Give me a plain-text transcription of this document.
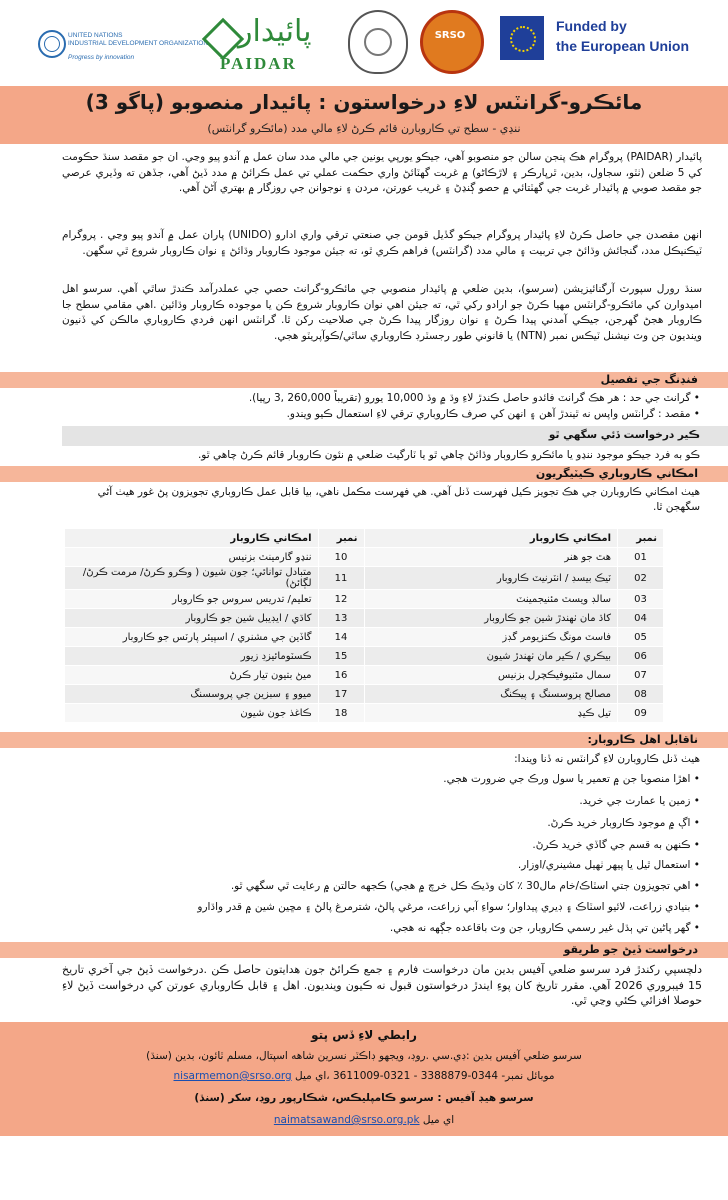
UNITED NATIONS
INDUSTRIAL DEVELOPMENT ORGANIZATION
Progress by innovation
پائیدار
PAIDAR
SRSO
Funded by
the European Union
مائڪرو-گرانٽس لاءِ درخواستون : پائيدار منصوبو (پاگو 3)
ننڍي - سطح تي ڪاروبارن قائم ڪرڻ لاءِ مالي مدد (مائڪرو گرانٽس)
پائيدار (PAIDAR) پروگرام هڪ پنجن سالن جو منصوبو آهي، جيڪو يورپي يونين جي مالي مدد سان عمل ۾ آندو پيو وڃي. ان جو مقصد سنڌ حڪومت کي 5 ضلعن (ٺٽو، سجاول، بدين، ٿرپارڪر ۽ لاڙڪاڻو) ۾ غربت گھٽائڻ واري حڪمت عملي تي عمل ڪرائڻ ۾ مدد ڏيڻ آهي، جڏهن ته وڏيري عرصي جو مقصد صوبي ۾ پائيدار غربت جي گھٽتائي ۾ حصو ڳنڍڻ ۽ غريب عورتن، مردن ۽ نوجوانن جي روزگار ۾ بهتري آڻڻ آهي.
انهن مقصدن جي حاصل ڪرڻ لاءِ پائيدار پروگرام جيڪو گڏيل قومن جي صنعتي ترقي واري ادارو (UNIDO) پاران عمل ۾ آندو پيو وڃي . پروگرام ٽيڪنيڪل مدد، گنجائش وڌائڻ جي تربيت ۽ مالي مدد (گرانٽس) فراهم ڪري ٿو، ته جيئن موجود ڪاروبار وڌائڻ ۽ نوان ڪاروبار شروع ٿي سگهن.
سنڌ رورل سپورٽ آرگنائيزيشن (سرسو)، بدين ضلعي ۾ پائيدار منصوبي جي مائڪرو-گرانٽ حصي جي عملدرآمد ڪندڙ ساٿي آهي. سرسو اهل اميدوارن کي مائڪرو-گرانٽس مهيا ڪرڻ جو ارادو رکي ٿي، ته جيئن اهي نوان ڪاروبار شروع ڪن يا موجوده ڪاروبار وڌائين .اهي مقامي سطح جا ڪاروبار هجڻ گهرجن، جيڪي آمدني پيدا ڪرڻ ۽ نوان روزگار پيدا ڪرڻ جي صلاحيت رکن ٿا. گرانٽس انهن فردي ڪاروباري مالڪن کي ڏنيون وينديون جن وٽ نيشنل ٽيڪس نمبر (NTN) يا قانوني طور رجسٽرڊ ڪاروباري ساٿي/ڪوآپريٽو هجي.
فنڊنگ جي تفصيل
• گرانٽ جي حد : هر هڪ گرانٽ فائدو حاصل ڪندڙ لاءِ وڌ ۾ وڌ 10,000 يورو (تقريباً 260,000 ,3 رپيا).
• مقصد : گرانٽس واپس نه ٿيندڙ آهن ۽ انهن کي صرف ڪاروباري ترقي لاءِ استعمال ڪيو ويندو.
ڪير درخواست ڏئي سگهي ٿو
ڪو به فرد جيڪو موجود ننڍو يا مائڪرو ڪاروبار وڌائڻ چاهي ٿو يا ٽارگيٽ ضلعي ۾ نئون ڪاروبار قائم ڪرڻ چاهي ٿو.
امڪاني ڪاروباري ڪيٽيگريون
هيٺ امڪاني ڪاروبارن جي هڪ تجويز ڪيل فهرست ڏنل آهي. هي فهرست مڪمل ناهي، بيا قابل عمل ڪاروباري تجويزون پڻ غور هيٺ آڻي سگهجن ٿا.
نمبر	امڪاني ڪاروبار	نمبر	امڪاني ڪاروبار
01	هٿ جو هنر	10	ننڍو گارمينٽ بزنيس
02	ٽيڪ بيسڊ / انٽرنيٽ ڪاروبار	11	متبادل توانائي؛ جون شيون ( وڪرو ڪرڻ/ مرمت ڪرڻ/ لڳائڻ)
03	سالڊ ويسٽ مئنيجمينٽ	12	تعليم/ تدريس سروس جو ڪاروبار
04	کاڌ مان ٺهندڙ شين جو ڪاروبار	13	کاڌي / ايڊيبل شين جو ڪاروبار
05	فاسٽ مونگ ڪنزيومر گڊز	14	گاڏين جي مشنري / اسپيئر پارٽس جو ڪاروبار
06	بيڪري / ڪير مان ٺهندڙ شيون	15	ڪسٽومائيزڊ زيور
07	سمال مئنيوفيڪچرل بزنيس	16	ميڻ بتيون تيار ڪرڻ
08	مصالح پروسسنگ ۽ پيڪنگ	17	ميوو ۽ سبزين جي پروسسنگ
09	تيل ڪيڍ	18	ڪاغذ جون شيون
ناقابل اهل ڪاروبار:
هيٺ ڏنل ڪاروبارن لاءِ گرانٽس نه ڏنا ويندا:
• اهڙا منصوبا جن ۾ تعمير يا سول ورڪ جي ضرورت هجي.
• زمين يا عمارت جي خريد.
• اڳ ۾ موجود ڪاروبار خريد ڪرڻ.
• ڪنهن به قسم جي گاڏي خريد ڪرڻ.
• استعمال ٿيل يا پيهر ٺهيل مشينري/اوزار.
• اهي تجويزون جتي اسٽاڪ/خام مال30 ٪ کان وڌيڪ ڪل خرچ ۾ هجي) ڪجهه حالتن ۾ رعايت ٿي سگهي ٿو.
• بنيادي زراعت، لائيو اسٽاڪ ۽ ڊيري پيداوار؛ سواءِ آبي زراعت، مرغي پالڻ، شترمرغ پالڻ ۽ مڇين شين ۾ قدر واڌارو
• گهر پاڻين تي ٻڌل غير رسمي ڪاروبار، جن وٽ باقاعده جڳهه نه هجي.
درخواست ڏيڻ جو طريقو
دلچسپي رکندڙ فرد سرسو ضلعي آفيس بدين مان درخواست فارم ۽ جمع ڪرائڻ جون هدايتون حاصل ڪن .درخواست ڏيڻ جي آخري تاريخ 15 فيبروري 2026 آهي. مقرر تاريخ کان پوءِ ايندڙ درخواستون قبول نه ڪيون وينديون. اهل ۽ قابل ڪاروباري عورتن کي درخواست ڏيڻ لاءِ حوصلا افزائي ڪئي وڃي ٿي.
رابطي لاءِ ڏس پتو
سرسو ضلعي آفيس بدين :ڊي.سي .روڊ، ويجهو ڊاڪٽر نسرين شاهه اسپتال، مسلم ٽائون، بدين (سنڌ)
موبائل نمبر- 0344-3388879 - 0321-3611009 ،اي ميل nisarmemon@srso.org
سرسو هيڊ آفيس : سرسو ڪامپليڪس، شڪارپور روڊ، سکر (سنڌ)
اي ميل naimatsawand@srso.org.pk
